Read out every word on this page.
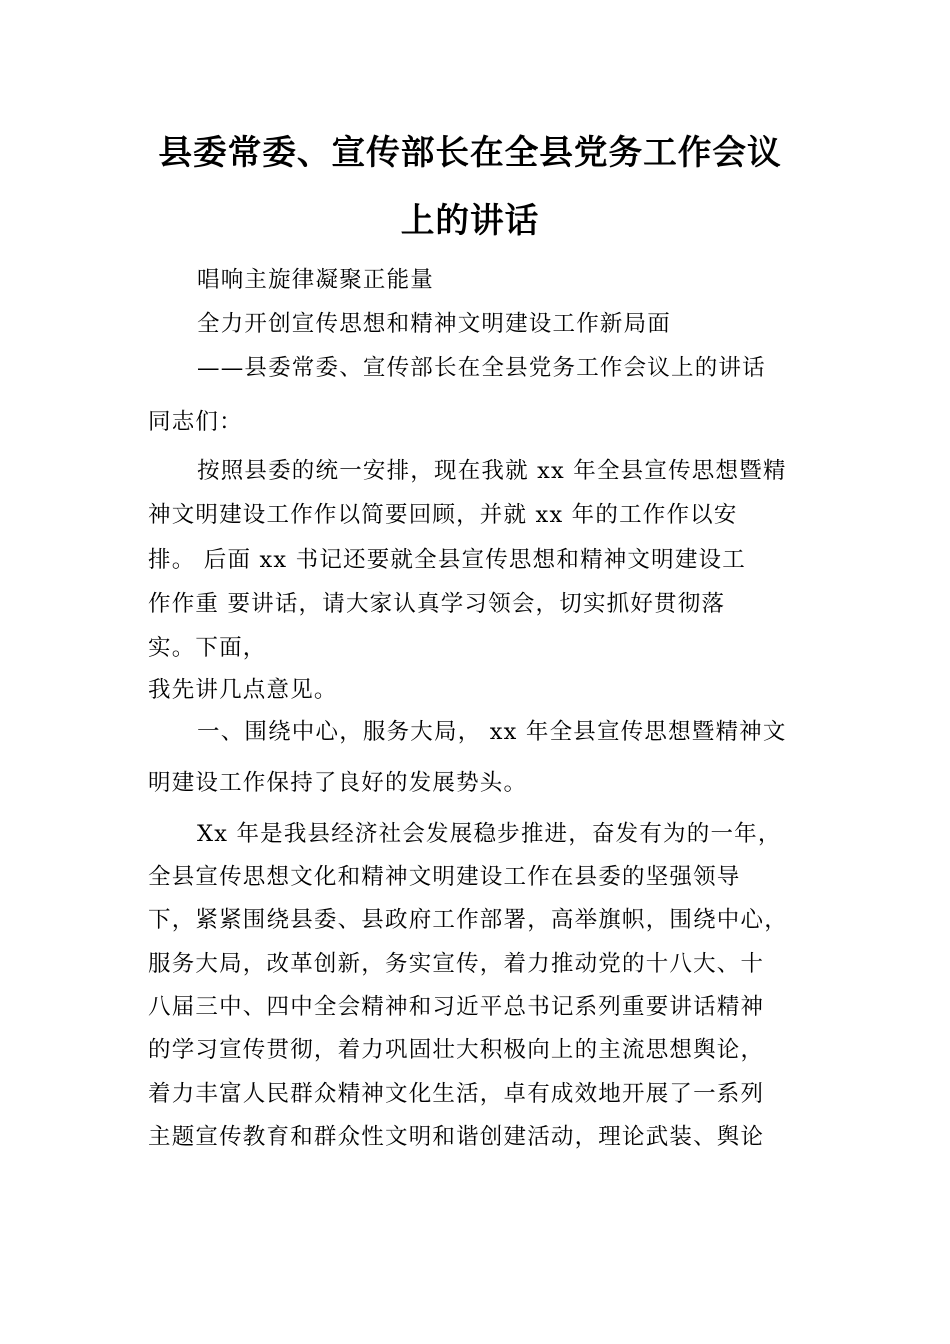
县委常委、宣传部长在全县党务工作会议
上的讲话
唱响主旋律凝聚正能量
全力开创宣传思想和精神文明建设工作新局面
——县委常委、宣传部长在全县党务工作会议上的讲话
同志们：
按照县委的统一安排，现在我就 xx 年全县宣传思想暨精
神文明建设工作作以简要回顾，并就 xx 年的工作作以安
排。 后面 xx 书记还要就全县宣传思想和精神文明建设工
作作重 要讲话，请大家认真学习领会，切实抓好贯彻落
实。下面，
我先讲几点意见。
一、围绕中心，服务大局， xx 年全县宣传思想暨精神文
明建设工作保持了良好的发展势头。
Xx 年是我县经济社会发展稳步推进，奋发有为的一年，
全县宣传思想文化和精神文明建设工作在县委的坚强领导
下，紧紧围绕县委、县政府工作部署，高举旗帜，围绕中心，
服务大局，改革创新，务实宣传，着力推动党的十八大、十
八届三中、四中全会精神和习近平总书记系列重要讲话精神
的学习宣传贯彻，着力巩固壮大积极向上的主流思想舆论，
着力丰富人民群众精神文化生活，卓有成效地开展了一系列
主题宣传教育和群众性文明和谐创建活动，理论武装、舆论
